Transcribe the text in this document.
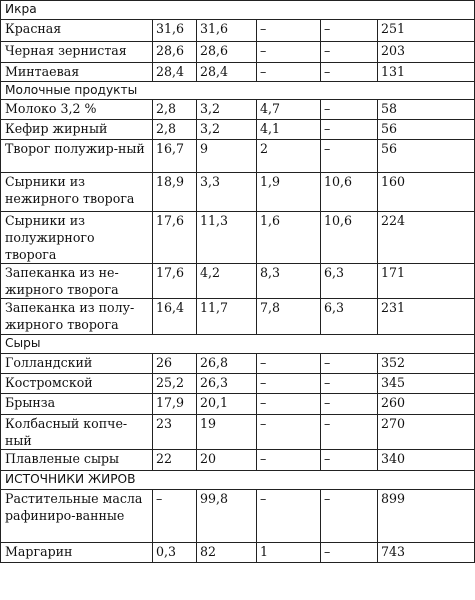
Икра					
Красная	31,6	31,6	–	–	251
Черная зернистая	28,6	28,6	–	–	203
Минтаевая	28,4	28,4	–	–	131
Молочные продукты					
Молоко 3,2 %	2,8	3,2	4,7	–	58
Кефир жирный	2,8	3,2	4,1	–	56
Творог полужир-ный	16,7	9	2	–	56
Сырники из нежирного творога	18,9	3,3	1,9	10,6	160
Сырники из полужирного творога	17,6	11,3	1,6	10,6	224
Запеканка из не-жирного творога	17,6	4,2	8,3	6,3	171
Запеканка из полу-жирного творога	16,4	11,7	7,8	6,3	231
Сыры					
Голландский	26	26,8	–	–	352
Костромской	25,2	26,3	–	–	345
Брынза	17,9	20,1	–	–	260
Колбасный копче-ный	23	19	–	–	270
Плавленые сыры	22	20	–	–	340
ИСТОЧНИКИ ЖИРОВ					
Растительные масла рафиниро-ванные	–	99,8	–	–	899
Маргарин	0,3	82	1	–	743
